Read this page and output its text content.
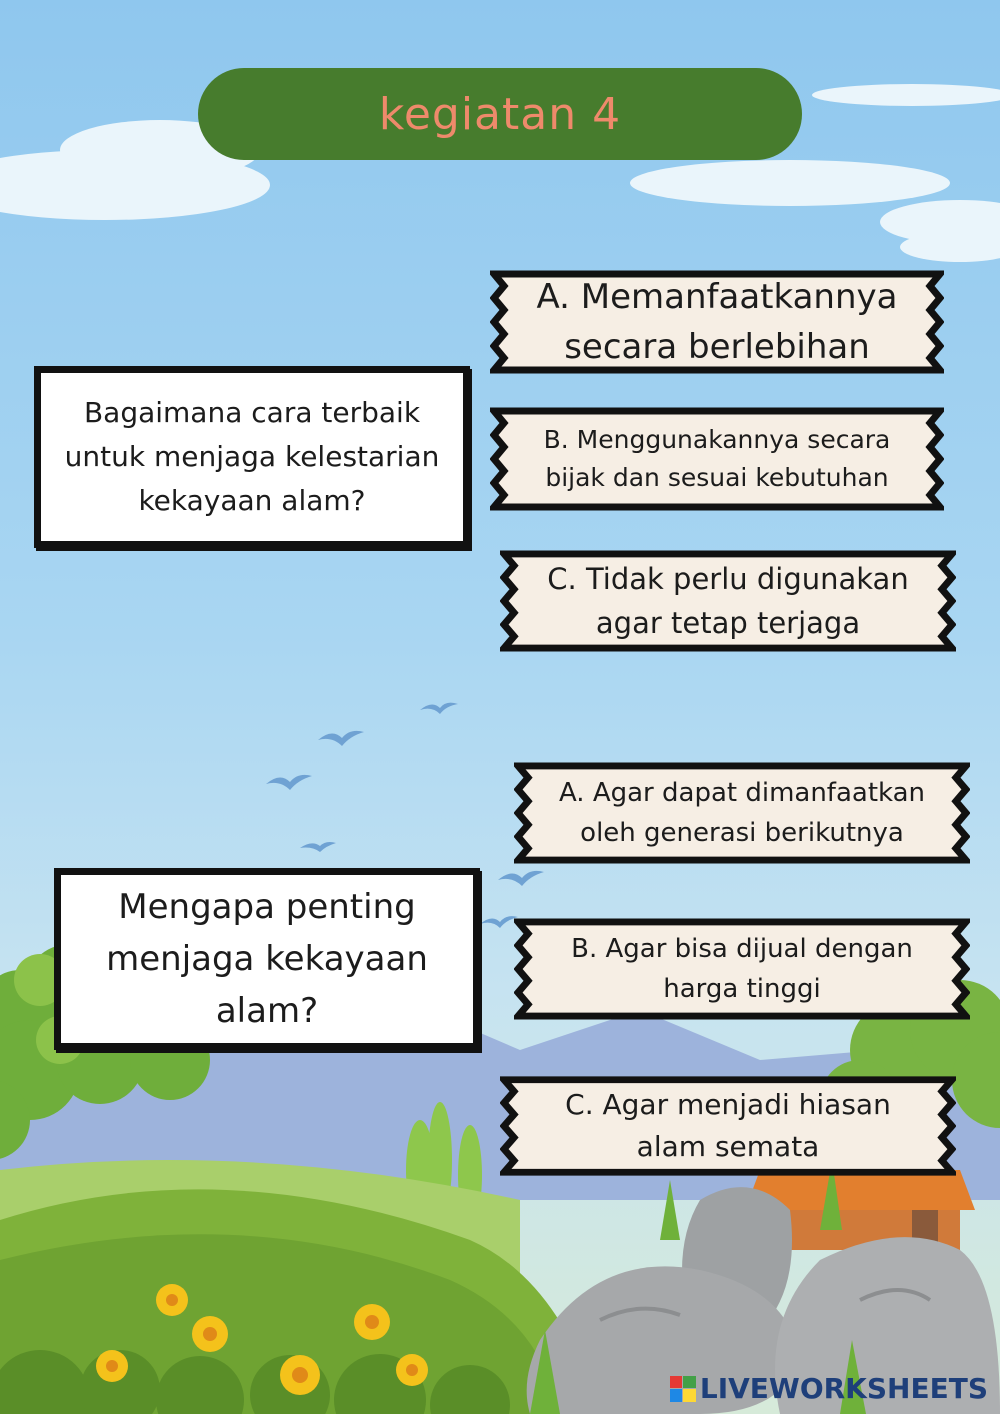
kegiatan 4
Bagaimana cara terbaik untuk menjaga kelestarian kekayaan alam?
A. Memanfaatkannya secara berlebihan
B. Menggunakannya secara bijak dan sesuai kebutuhan
C. Tidak perlu digunakan agar tetap terjaga
Mengapa penting menjaga kekayaan alam?
A. Agar dapat dimanfaatkan oleh generasi berikutnya
B. Agar bisa dijual dengan harga tinggi
C. Agar menjadi hiasan alam semata
LIVEWORKSHEETS
